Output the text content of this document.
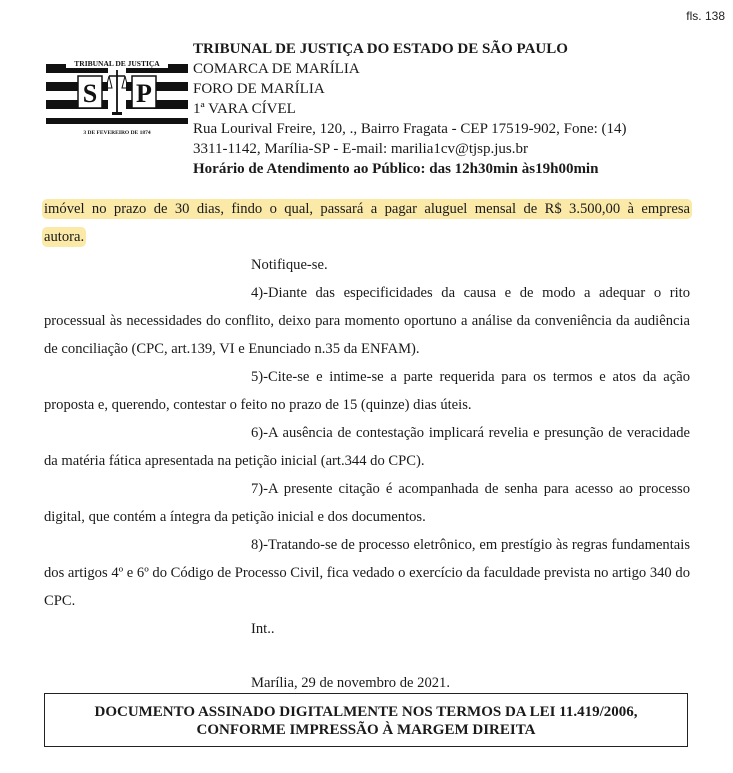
fls. 138
TRIBUNAL DE JUSTIÇA
S P
3 DE FEVEREIRO DE 1874
TRIBUNAL DE JUSTIÇA DO ESTADO DE SÃO PAULO
COMARCA DE MARÍLIA
FORO DE MARÍLIA
1ª VARA CÍVEL
Rua Lourival Freire, 120, ., Bairro Fragata - CEP 17519-902, Fone: (14)
3311-1142, Marília-SP - E-mail: marilia1cv@tjsp.jus.br
Horário de Atendimento ao Público: das 12h30min às19h00min

imóvel no prazo de 30 dias, findo o qual, passará a pagar aluguel mensal de R$ 3.500,00 à empresa

autora.

Notifique-se.

4)-Diante das especificidades da causa e de modo a adequar o rito processual às necessidades do conflito, deixo para momento oportuno a análise da conveniência da audiência de conciliação (CPC, art.139, VI e Enunciado n.35 da ENFAM).

5)-Cite-se e intime-se a parte requerida para os termos e atos da ação proposta e, querendo, contestar o feito no prazo de 15 (quinze) dias úteis.

6)-A ausência de contestação implicará revelia e presunção de veracidade da matéria fática apresentada na petição inicial (art.344 do CPC).

7)-A presente citação é acompanhada de senha para acesso ao processo digital, que contém a íntegra da petição inicial e dos documentos.

8)-Tratando-se de processo eletrônico, em prestígio às regras fundamentais dos artigos 4º e 6º do Código de Processo Civil, fica vedado o exercício da faculdade prevista no artigo 340 do CPC.

Int..

Marília, 29 de novembro de 2021.

DOCUMENTO ASSINADO DIGITALMENTE NOS TERMOS DA LEI 11.419/2006,
CONFORME IMPRESSÃO À MARGEM DIREITA
